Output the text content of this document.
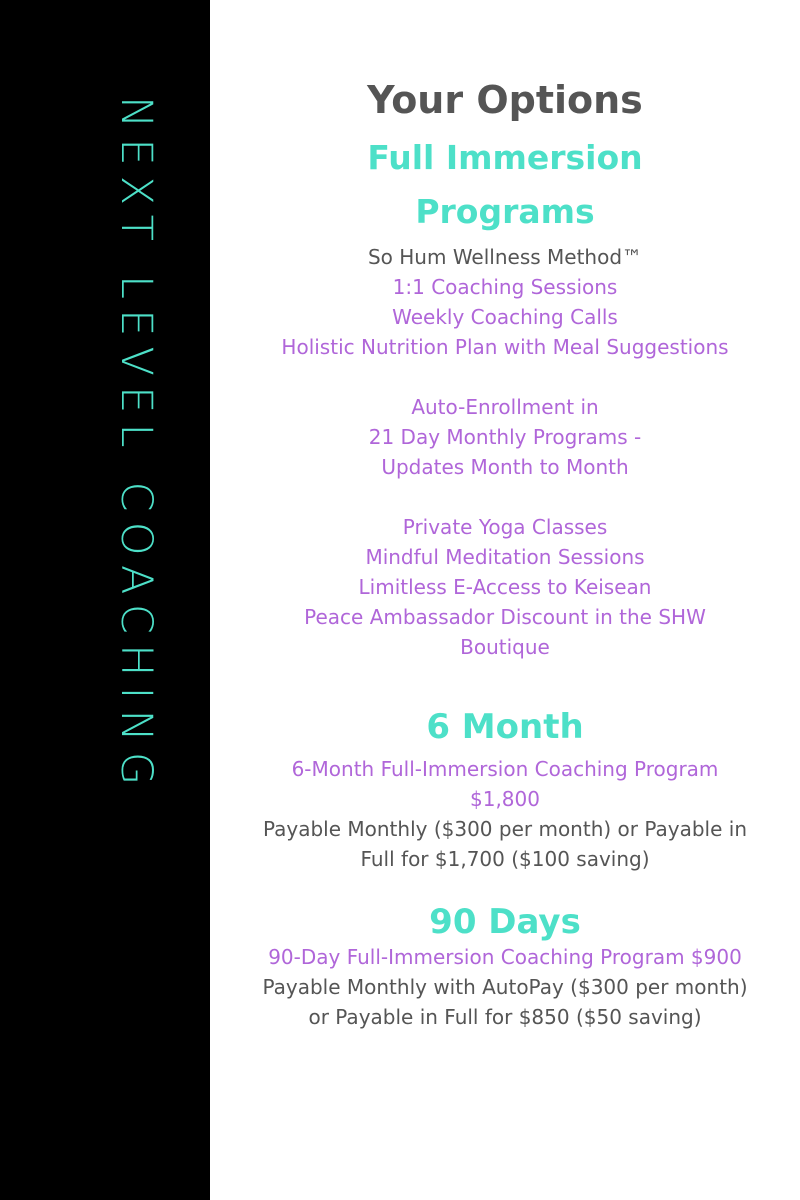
NEXT LEVEL COACHING	Your Options
Full Immersion
Programs
So Hum Wellness Method™
1:1 Coaching Sessions
Weekly Coaching Calls
Holistic Nutrition Plan with Meal Suggestions
Auto-Enrollment in
21 Day Monthly Programs -
Updates Month to Month
Private Yoga Classes
Mindful Meditation Sessions
Limitless E-Access to Keisean
Peace Ambassador Discount in the SHW
Boutique
6 Month
6-Month Full-Immersion Coaching Program
$1,800
Payable Monthly ($300 per month) or Payable in
Full for $1,700 ($100 saving)
90 Days
90-Day Full-Immersion Coaching Program $900
Payable Monthly with AutoPay ($300 per month)
or Payable in Full for $850 ($50 saving)
